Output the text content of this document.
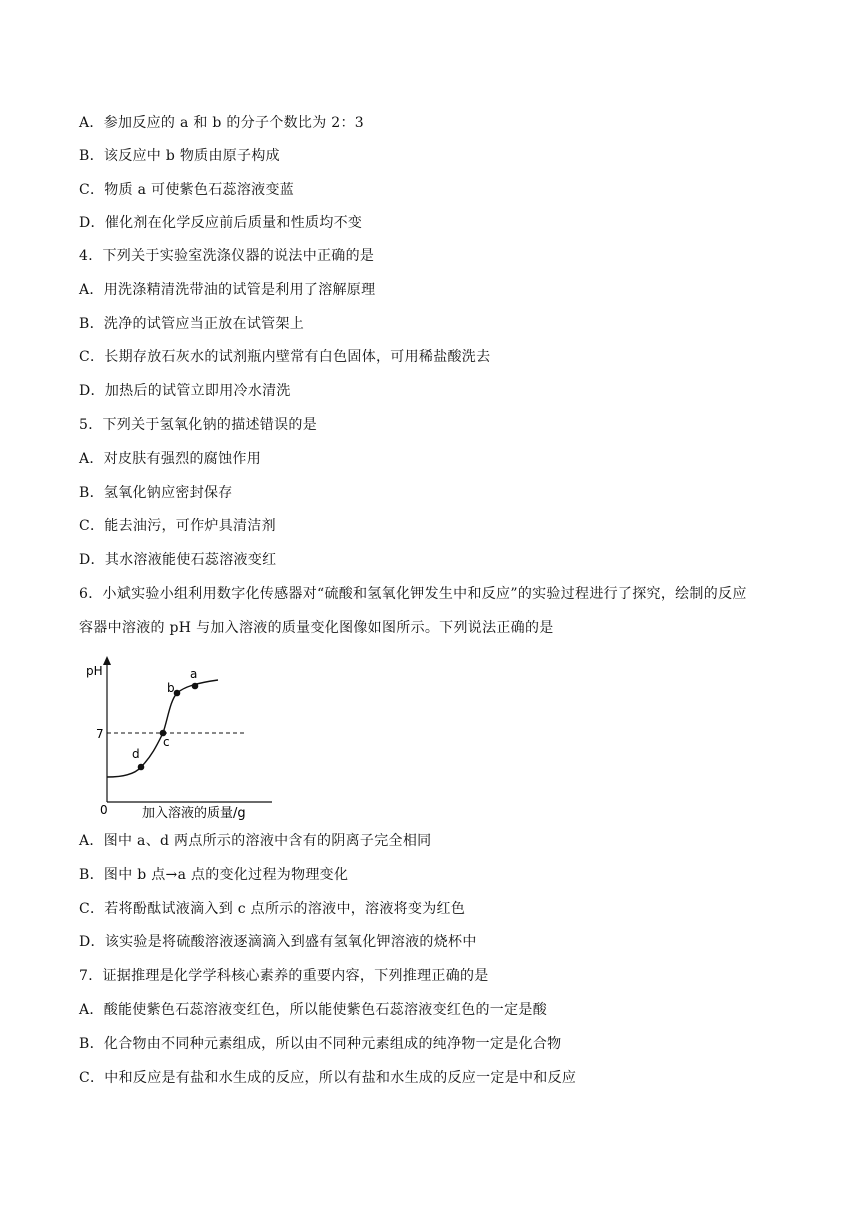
A．参加反应的 a 和 b 的分子个数比为 2：3
B．该反应中 b 物质由原子构成
C．物质 a 可使紫色石蕊溶液变蓝
D．催化剂在化学反应前后质量和性质均不变
4．下列关于实验室洗涤仪器的说法中正确的是
A．用洗涤精清洗带油的试管是利用了溶解原理
B．洗净的试管应当正放在试管架上
C．长期存放石灰水的试剂瓶内壁常有白色固体，可用稀盐酸洗去
D．加热后的试管立即用冷水清洗
5．下列关于氢氧化钠的描述错误的是
A．对皮肤有强烈的腐蚀作用
B．氢氧化钠应密封保存
C．能去油污，可作炉具清洁剂
D．其水溶液能使石蕊溶液变红
6．小斌实验小组利用数字化传感器对“硫酸和氢氧化钾发生中和反应”的实验过程进行了探究，绘制的反应
容器中溶液的 pH 与加入溶液的质量变化图像如图所示。下列说法正确的是
A．图中 a、d 两点所示的溶液中含有的阴离子完全相同
B．图中 b 点→a 点的变化过程为物理变化
C．若将酚酞试液滴入到 c 点所示的溶液中，溶液将变为红色
D．该实验是将硫酸溶液逐滴滴入到盛有氢氧化钾溶液的烧杯中
7．证据推理是化学学科核心素养的重要内容，下列推理正确的是
A．酸能使紫色石蕊溶液变红色，所以能使紫色石蕊溶液变红色的一定是酸
B．化合物由不同种元素组成，所以由不同种元素组成的纯净物一定是化合物
C．中和反应是有盐和水生成的反应，所以有盐和水生成的反应一定是中和反应
pH
7
0	加入溶液的质量/g
a
b
c
d
